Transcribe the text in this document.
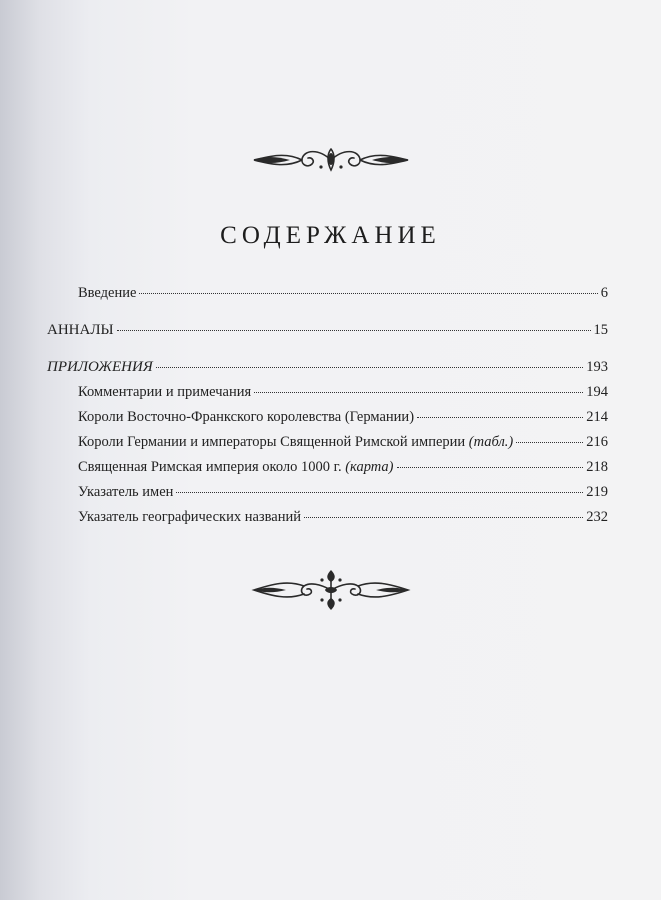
СОДЕРЖАНИЕ
Введение	6
АННАЛЫ	15
ПРИЛОЖЕНИЯ	193
Комментарии и примечания	194
Короли Восточно-Франкского королевства (Германии)	214
Короли Германии и императоры Священной Римской империи (табл.)	216
Священная Римская империя около 1000 г. (карта)	218
Указатель имен	219
Указатель географических названий	232
